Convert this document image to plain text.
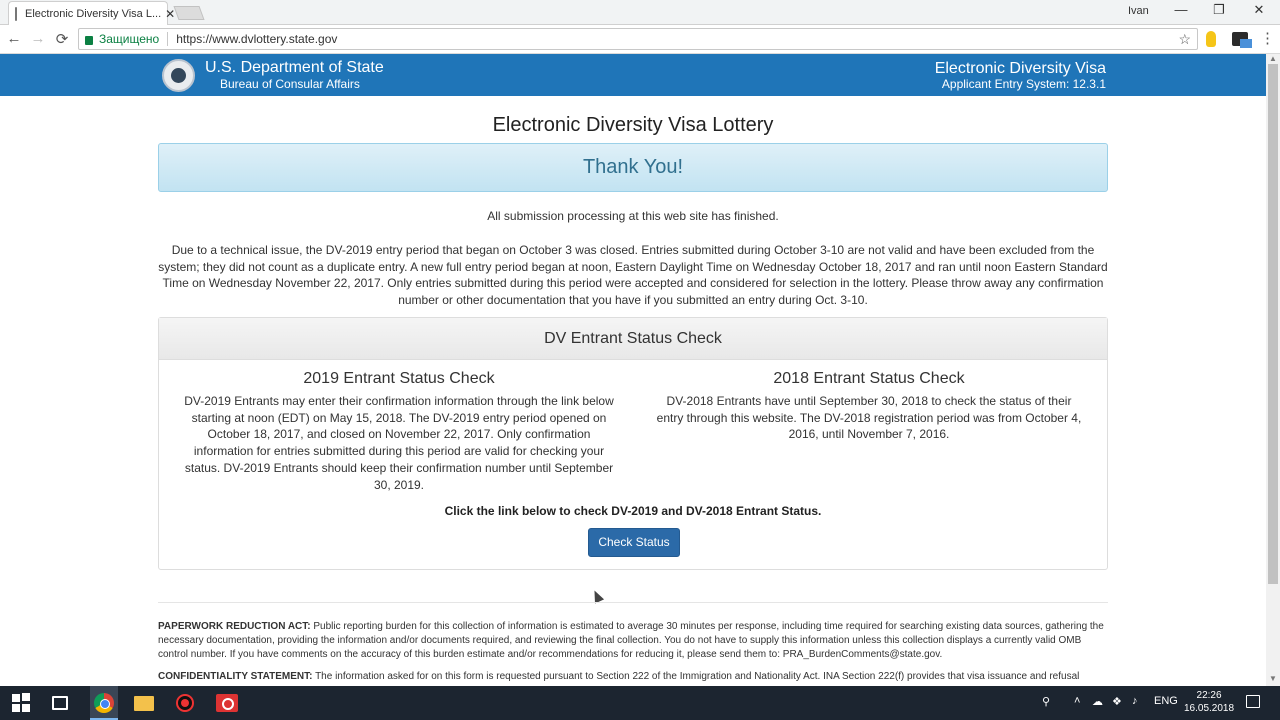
Electronic Diversity Visa L... ✕	Ivan	—	❐	✕
← → ⟳	Защищено https://www.dvlottery.state.gov	☆	⋮
U.S. Department of State
Bureau of Consular Affairs
Electronic Diversity Visa
Applicant Entry System: 12.3.1
Electronic Diversity Visa Lottery
Thank You!
All submission processing at this web site has finished.
Due to a technical issue, the DV-2019 entry period that began on October 3 was closed. Entries submitted during October 3-10 are not valid and have been excluded from the system; they did not count as a duplicate entry. A new full entry period began at noon, Eastern Daylight Time on Wednesday October 18, 2017 and ran until noon Eastern Standard Time on Wednesday November 22, 2017. Only entries submitted during this period were accepted and considered for selection in the lottery. Please throw away any confirmation number or other documentation that you have if you submitted an entry during Oct. 3-10.
DV Entrant Status Check
2019 Entrant Status Check

DV-2019 Entrants may enter their confirmation information through the link below starting at noon (EDT) on May 15, 2018. The DV-2019 entry period opened on October 18, 2017, and closed on November 22, 2017. Only confirmation information for entries submitted during this period are valid for checking your status. DV-2019 Entrants should keep their confirmation number until September 30, 2019.

2018 Entrant Status Check

DV-2018 Entrants have until September 30, 2018 to check the status of their entry through this website. The DV-2018 registration period was from October 4, 2016, until November 7, 2016.

Click the link below to check DV-2019 and DV-2018 Entrant Status.
Check Status
PAPERWORK REDUCTION ACT: Public reporting burden for this collection of information is estimated to average 30 minutes per response, including time required for searching existing data sources, gathering the necessary documentation, providing the information and/or documents required, and reviewing the final collection. You do not have to supply this information unless this collection displays a currently valid OMB control number. If you have comments on the accuracy of this burden estimate and/or recommendations for reducing it, please send them to: PRA_BurdenComments@state.gov.
CONFIDENTIALITY STATEMENT: The information asked for on this form is requested pursuant to Section 222 of the Immigration and Nationality Act. INA Section 222(f) provides that visa issuance and refusal
▲
▼
⚲ ˄ ☁ ❖ ♪ ENG	22:26
16.05.2018
